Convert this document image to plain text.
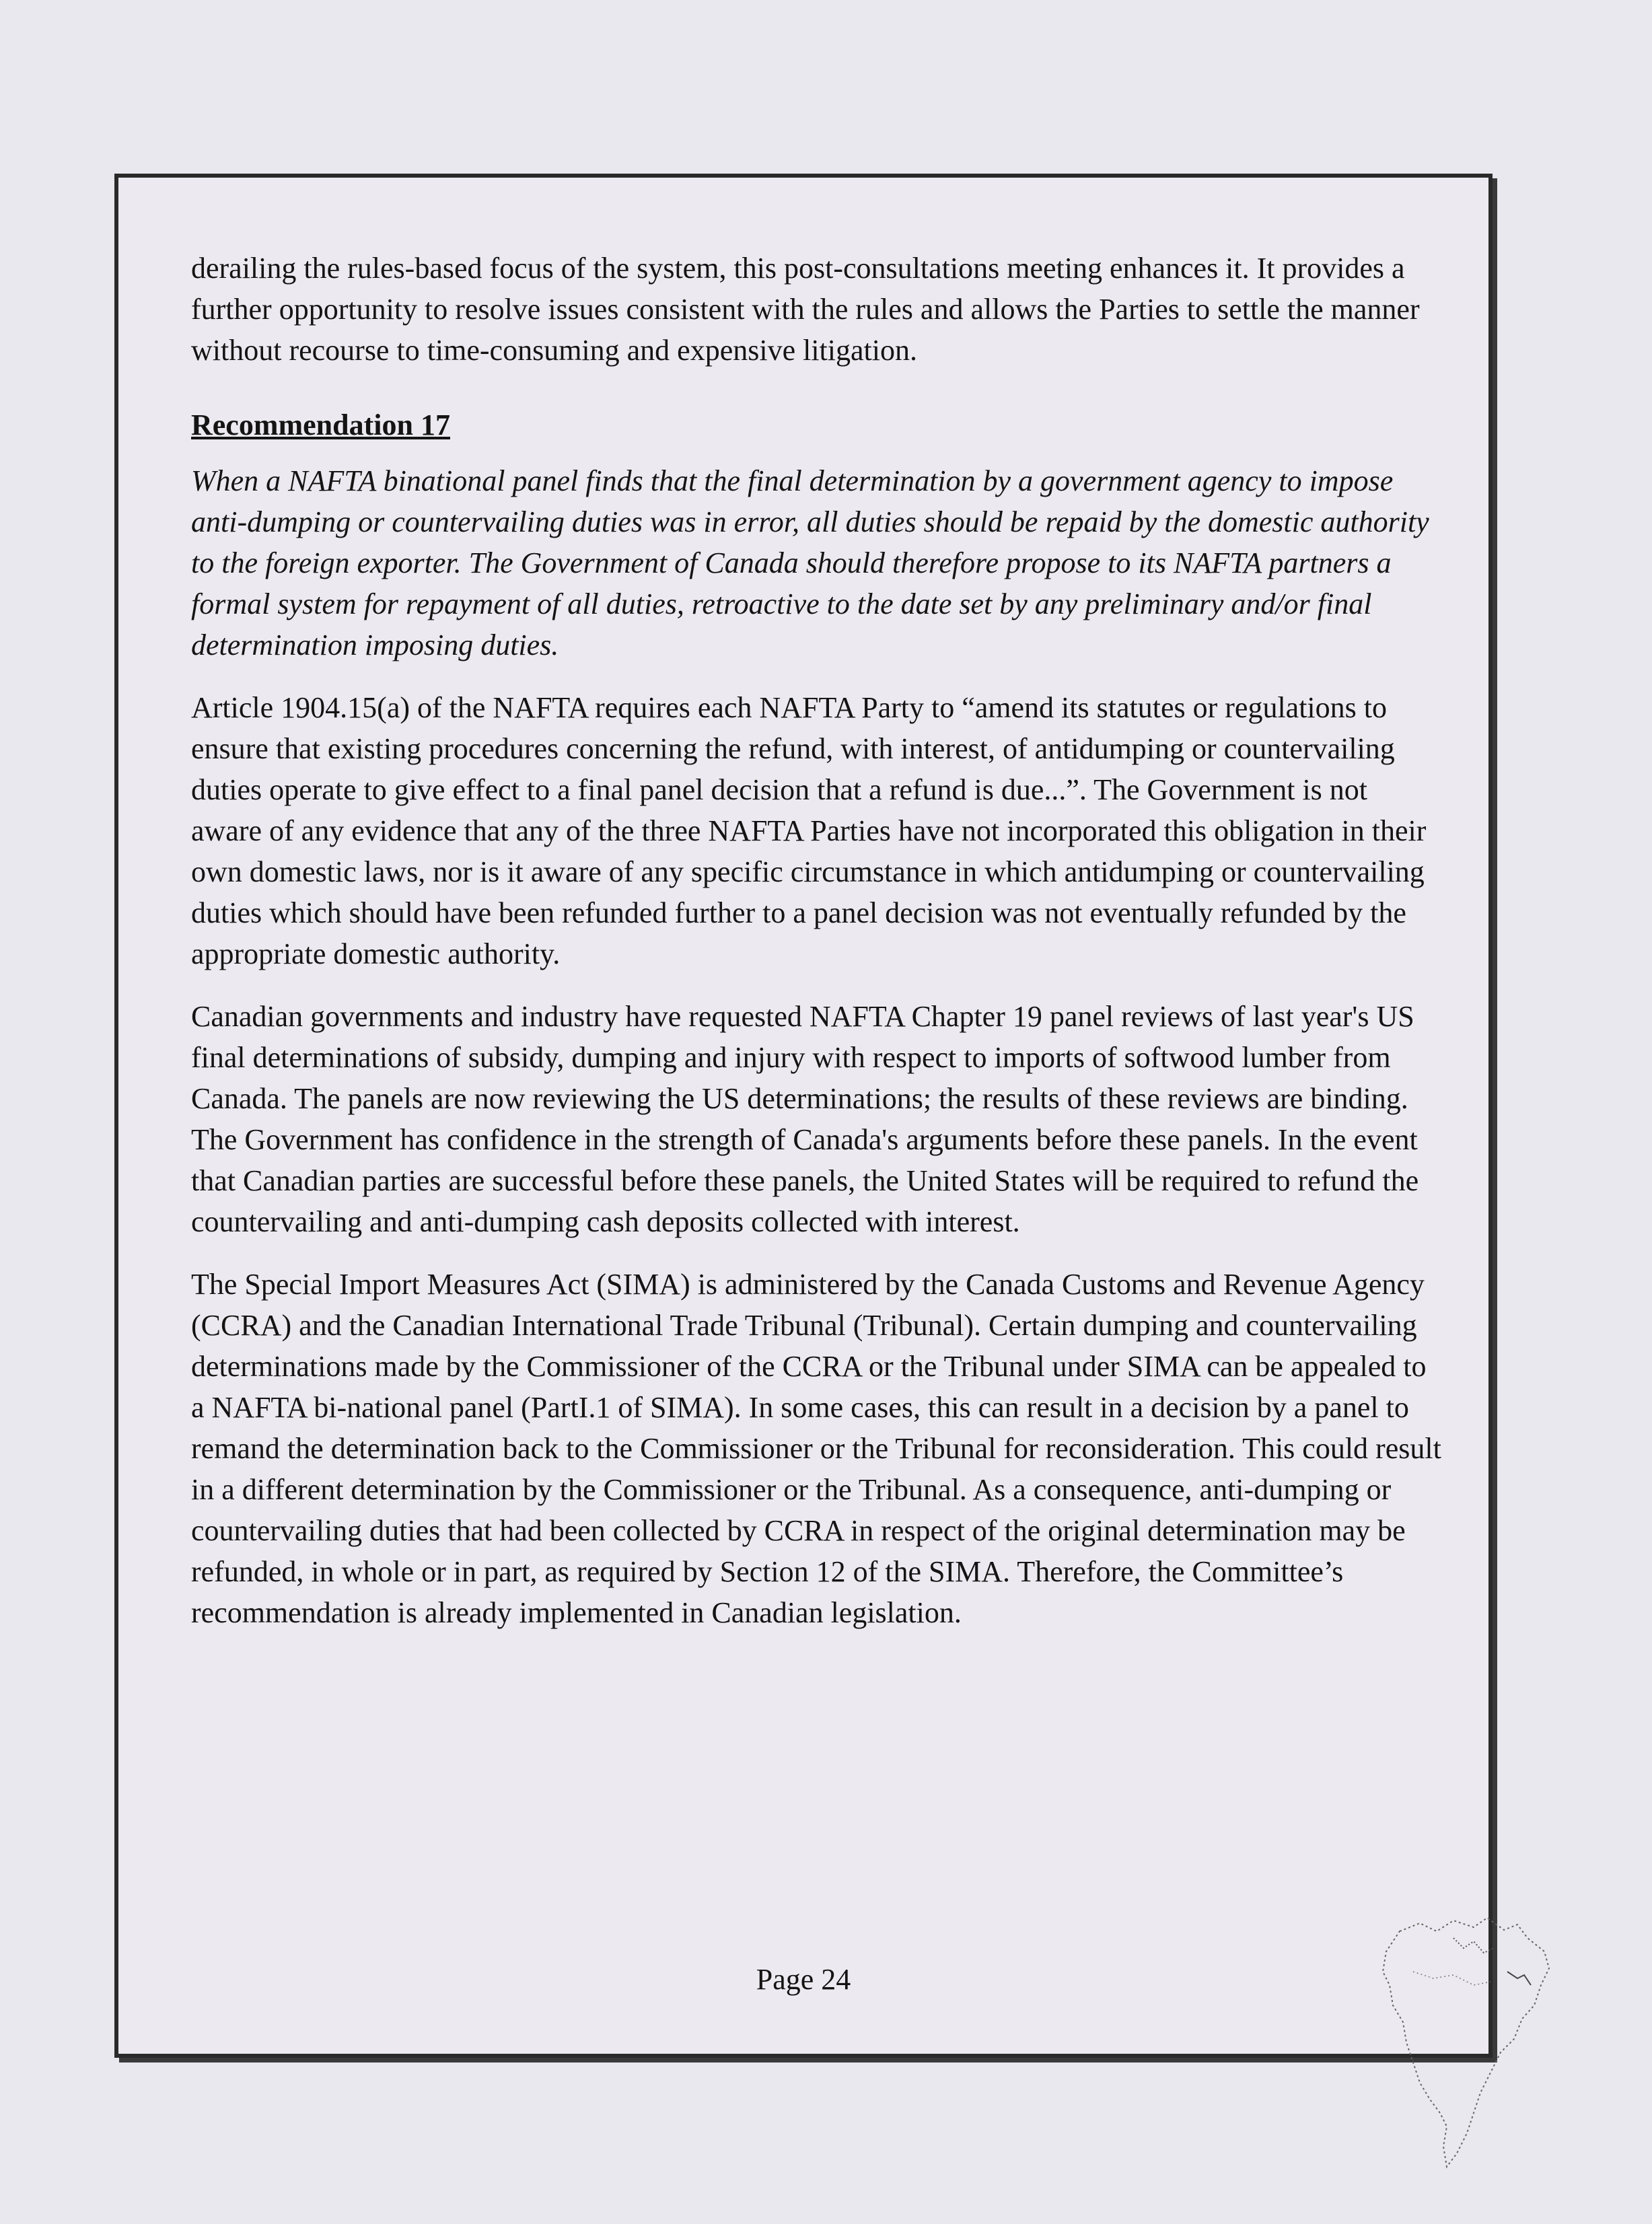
derailing the rules-based focus of the system, this post-consultations meeting enhances it. It provides a further opportunity to resolve issues consistent with the rules and allows the Parties to settle the manner without recourse to time-consuming and expensive litigation.

Recommendation 17

When a NAFTA binational panel finds that the final determination by a government agency to impose anti-dumping or countervailing duties was in error, all duties should be repaid by the domestic authority to the foreign exporter. The Government of Canada should therefore propose to its NAFTA partners a formal system for repayment of all duties, retroactive to the date set by any preliminary and/or final determination imposing duties.

Article 1904.15(a) of the NAFTA requires each NAFTA Party to “amend its statutes or regulations to ensure that existing procedures concerning the refund, with interest, of antidumping or countervailing duties operate to give effect to a final panel decision that a refund is due...”. The Government is not aware of any evidence that any of the three NAFTA Parties have not incorporated this obligation in their own domestic laws, nor is it aware of any specific circumstance in which antidumping or countervailing duties which should have been refunded further to a panel decision was not eventually refunded by the appropriate domestic authority.

Canadian governments and industry have requested NAFTA Chapter 19 panel reviews of last year's US final determinations of subsidy, dumping and injury with respect to imports of softwood lumber from Canada. The panels are now reviewing the US determinations; the results of these reviews are binding. The Government has confidence in the strength of Canada's arguments before these panels. In the event that Canadian parties are successful before these panels, the United States will be required to refund the countervailing and anti-dumping cash deposits collected with interest.

The Special Import Measures Act (SIMA) is administered by the Canada Customs and Revenue Agency (CCRA) and the Canadian International Trade Tribunal (Tribunal). Certain dumping and countervailing determinations made by the Commissioner of the CCRA or the Tribunal under SIMA can be appealed to a NAFTA bi-national panel (PartI.1 of SIMA). In some cases, this can result in a decision by a panel to remand the determination back to the Commissioner or the Tribunal for reconsideration. This could result in a different determination by the Commissioner or the Tribunal. As a consequence, anti-dumping or countervailing duties that had been collected by CCRA in respect of the original determination may be refunded, in whole or in part, as required by Section 12 of the SIMA. Therefore, the Committee’s recommendation is already implemented in Canadian legislation.

Page 24
